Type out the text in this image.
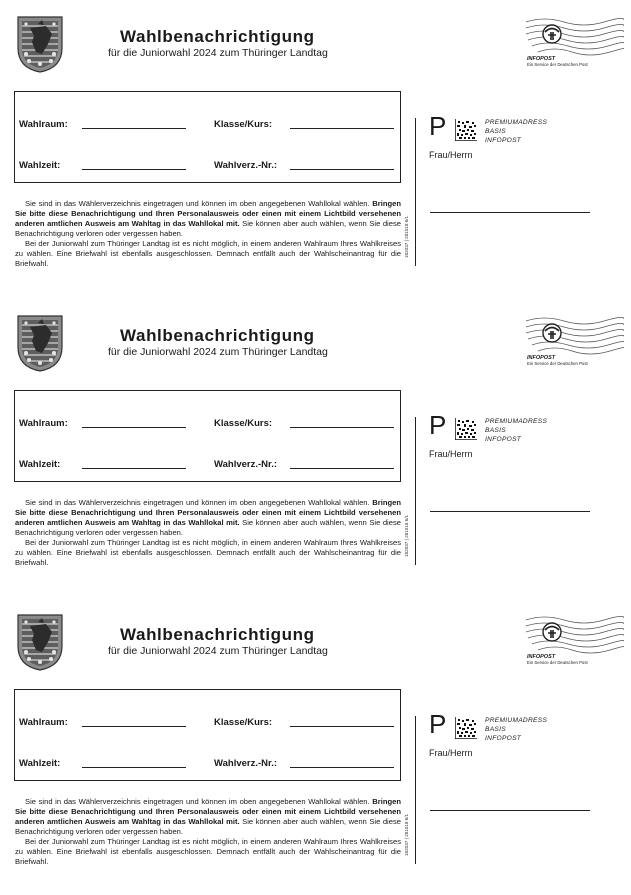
Wahlbenachrichtigung
für die Juniorwahl 2024 zum Thüringer Landtag	INFOPOST
Ein Service der Deutschen Post
Wahlraum:	Klasse/Kurs:
Wahlzeit:	Wahlverz.-Nr.:

Sie sind in das Wählerverzeichnis eingetragen und können im oben angegebenen Wahllokal wählen. Bringen Sie bitte diese Benachrichtigung und Ihren Personalausweis oder einen mit einem Lichtbild versehenen anderen amtlichen Ausweis am Wahltag in das Wahllokal mit. Sie können aber auch wählen, wenn Sie diese Benachrichtigung verloren oder vergessen haben.

Bei der Juniorwahl zum Thüringer Landtag ist es nicht möglich, in einem anderen Wahlraum Ihres Wahlkreises zu wählen. Eine Briefwahl ist ebenfalls ausgeschlossen. Demnach entfällt auch der Wahlscheinantrag für die Briefwahl.

182037 | 281018 6/1
P	PREMIUMADRESS
BASIS
INFOPOST
Frau/Herrn
Wahlbenachrichtigung
für die Juniorwahl 2024 zum Thüringer Landtag	INFOPOST
Ein Service der Deutschen Post
Wahlraum:	Klasse/Kurs:
Wahlzeit:	Wahlverz.-Nr.:

Sie sind in das Wählerverzeichnis eingetragen und können im oben angegebenen Wahllokal wählen. Bringen Sie bitte diese Benachrichtigung und Ihren Personalausweis oder einen mit einem Lichtbild versehenen anderen amtlichen Ausweis am Wahltag in das Wahllokal mit. Sie können aber auch wählen, wenn Sie diese Benachrichtigung verloren oder vergessen haben.

Bei der Juniorwahl zum Thüringer Landtag ist es nicht möglich, in einem anderen Wahlraum Ihres Wahlkreises zu wählen. Eine Briefwahl ist ebenfalls ausgeschlossen. Demnach entfällt auch der Wahlscheinantrag für die Briefwahl.

182037 | 281018 6/1
P	PREMIUMADRESS
BASIS
INFOPOST
Frau/Herrn
Wahlbenachrichtigung
für die Juniorwahl 2024 zum Thüringer Landtag	INFOPOST
Ein Service der Deutschen Post
Wahlraum:	Klasse/Kurs:
Wahlzeit:	Wahlverz.-Nr.:

Sie sind in das Wählerverzeichnis eingetragen und können im oben angegebenen Wahllokal wählen. Bringen Sie bitte diese Benachrichtigung und Ihren Personalausweis oder einen mit einem Lichtbild versehenen anderen amtlichen Ausweis am Wahltag in das Wahllokal mit. Sie können aber auch wählen, wenn Sie diese Benachrichtigung verloren oder vergessen haben.

Bei der Juniorwahl zum Thüringer Landtag ist es nicht möglich, in einem anderen Wahlraum Ihres Wahlkreises zu wählen. Eine Briefwahl ist ebenfalls ausgeschlossen. Demnach entfällt auch der Wahlscheinantrag für die Briefwahl.

182037 | 281018 6/1
P	PREMIUMADRESS
BASIS
INFOPOST
Frau/Herrn
